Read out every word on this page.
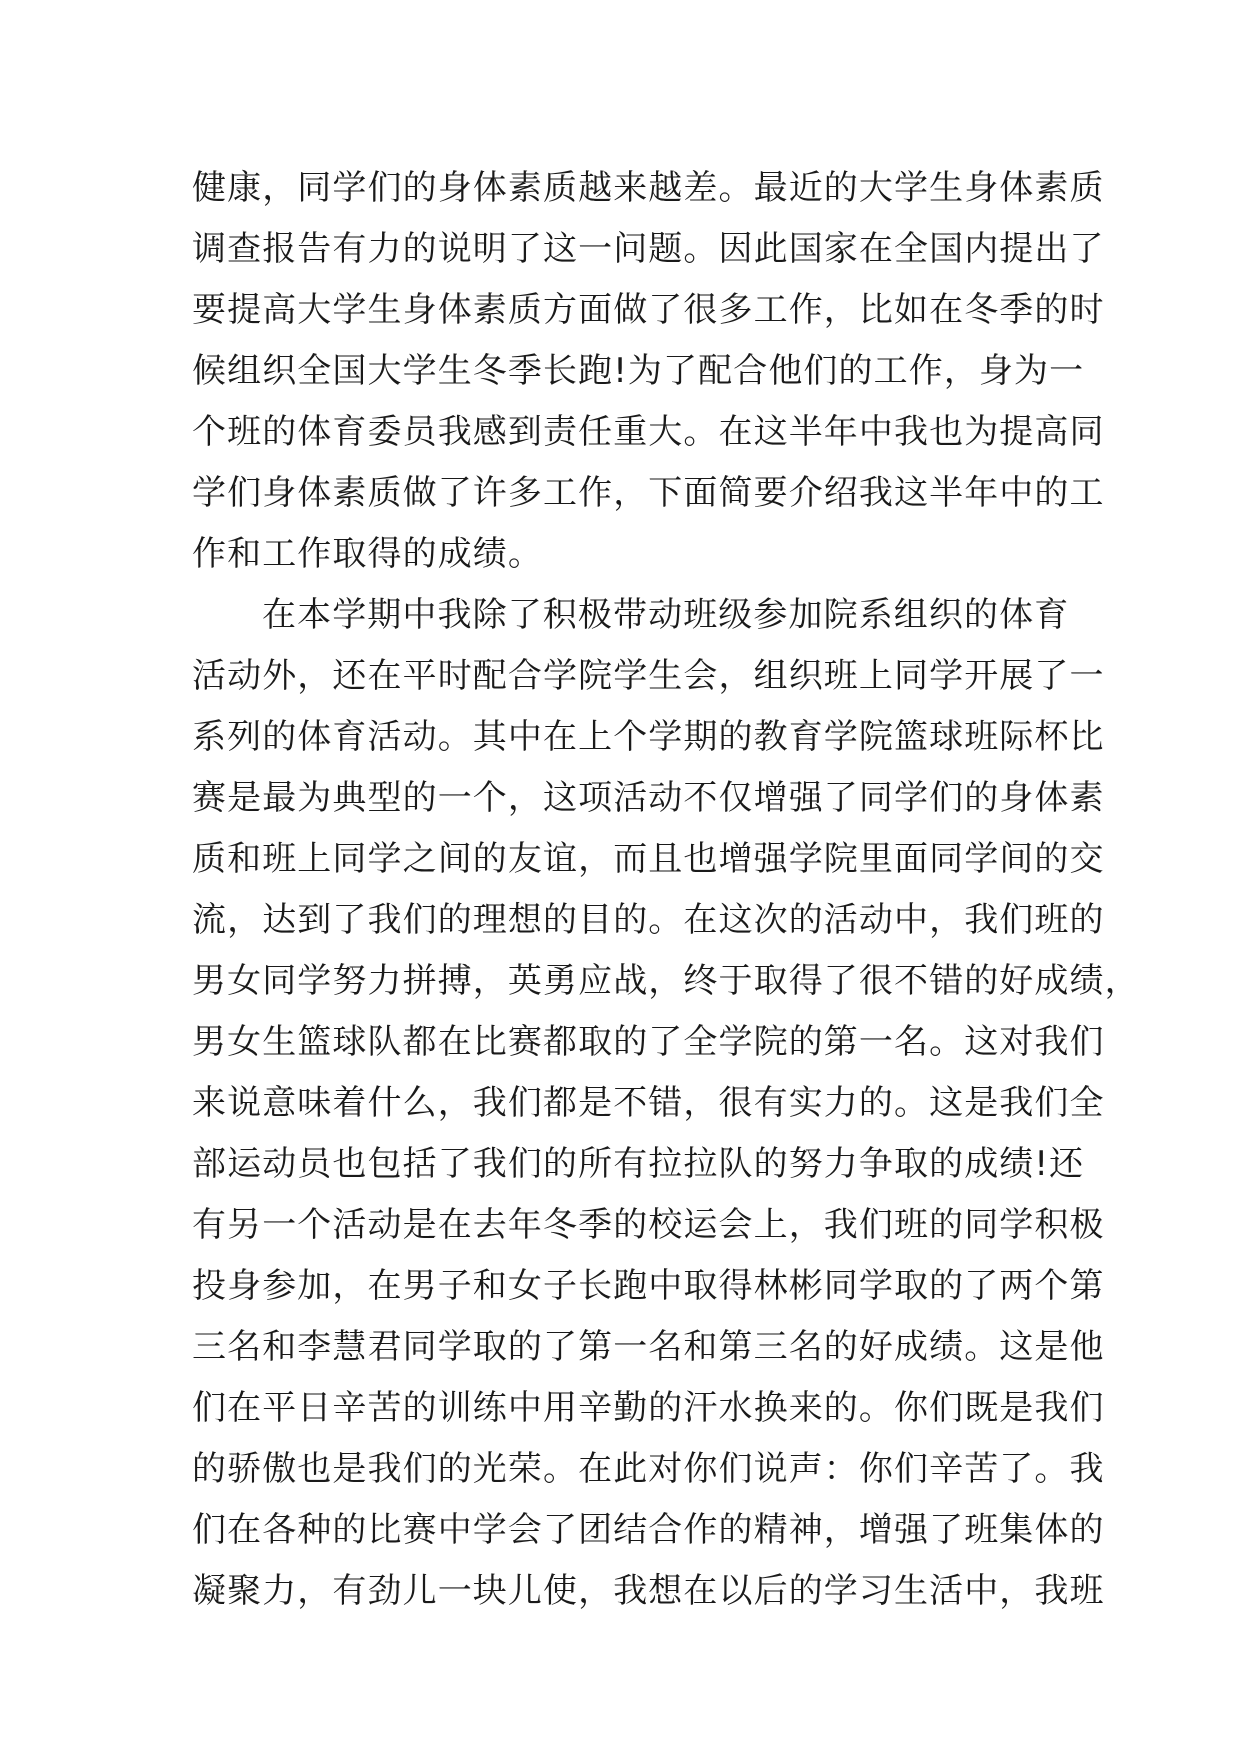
健康，同学们的身体素质越来越差。最近的大学生身体素质
调查报告有力的说明了这一问题。因此国家在全国内提出了
要提高大学生身体素质方面做了很多工作，比如在冬季的时
候组织全国大学生冬季长跑!为了配合他们的工作，身为一
个班的体育委员我感到责任重大。在这半年中我也为提高同
学们身体素质做了许多工作，下面简要介绍我这半年中的工
作和工作取得的成绩。
在本学期中我除了积极带动班级参加院系组织的体育
活动外，还在平时配合学院学生会，组织班上同学开展了一
系列的体育活动。其中在上个学期的教育学院篮球班际杯比
赛是最为典型的一个，这项活动不仅增强了同学们的身体素
质和班上同学之间的友谊，而且也增强学院里面同学间的交
流，达到了我们的理想的目的。在这次的活动中，我们班的
男女同学努力拼搏，英勇应战，终于取得了很不错的好成绩，
男女生篮球队都在比赛都取的了全学院的第一名。这对我们
来说意味着什么，我们都是不错，很有实力的。这是我们全
部运动员也包括了我们的所有拉拉队的努力争取的成绩!还
有另一个活动是在去年冬季的校运会上，我们班的同学积极
投身参加，在男子和女子长跑中取得林彬同学取的了两个第
三名和李慧君同学取的了第一名和第三名的好成绩。这是他
们在平日辛苦的训练中用辛勤的汗水换来的。你们既是我们
的骄傲也是我们的光荣。在此对你们说声：你们辛苦了。我
们在各种的比赛中学会了团结合作的精神，增强了班集体的
凝聚力，有劲儿一块儿使，我想在以后的学习生活中，我班
